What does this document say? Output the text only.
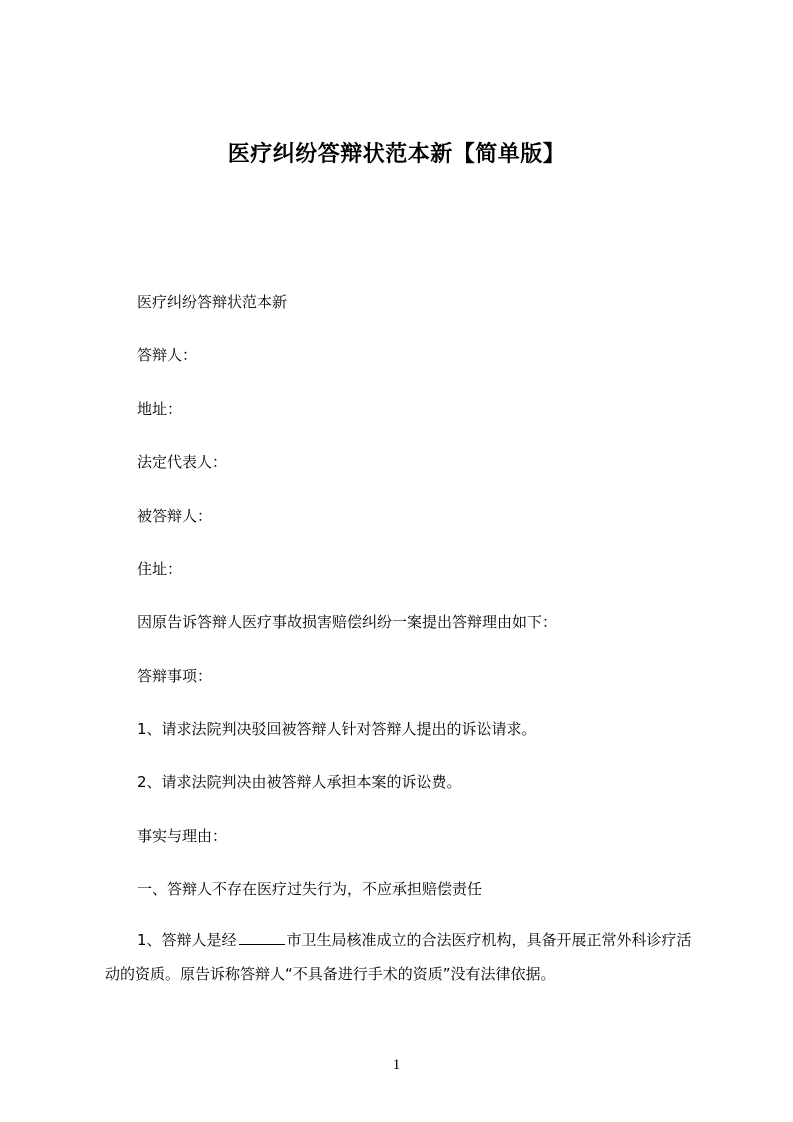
医疗纠纷答辩状范本新【简单版】
医疗纠纷答辩状范本新
答辩人：
地址：
法定代表人：
被答辩人：
住址：
因原告诉答辩人医疗事故损害赔偿纠纷一案提出答辩理由如下：
答辩事项：
1、请求法院判决驳回被答辩人针对答辩人提出的诉讼请求。
2、请求法院判决由被答辩人承担本案的诉讼费。
事实与理由：
一、答辩人不存在医疗过失行为，不应承担赔偿责任
1、答辩人是经	市卫生局核准成立的合法医疗机构，具备开展正常外科诊疗活动的资质。原告诉称答辩人“不具备进行手术的资质”没有法律依据。
1
